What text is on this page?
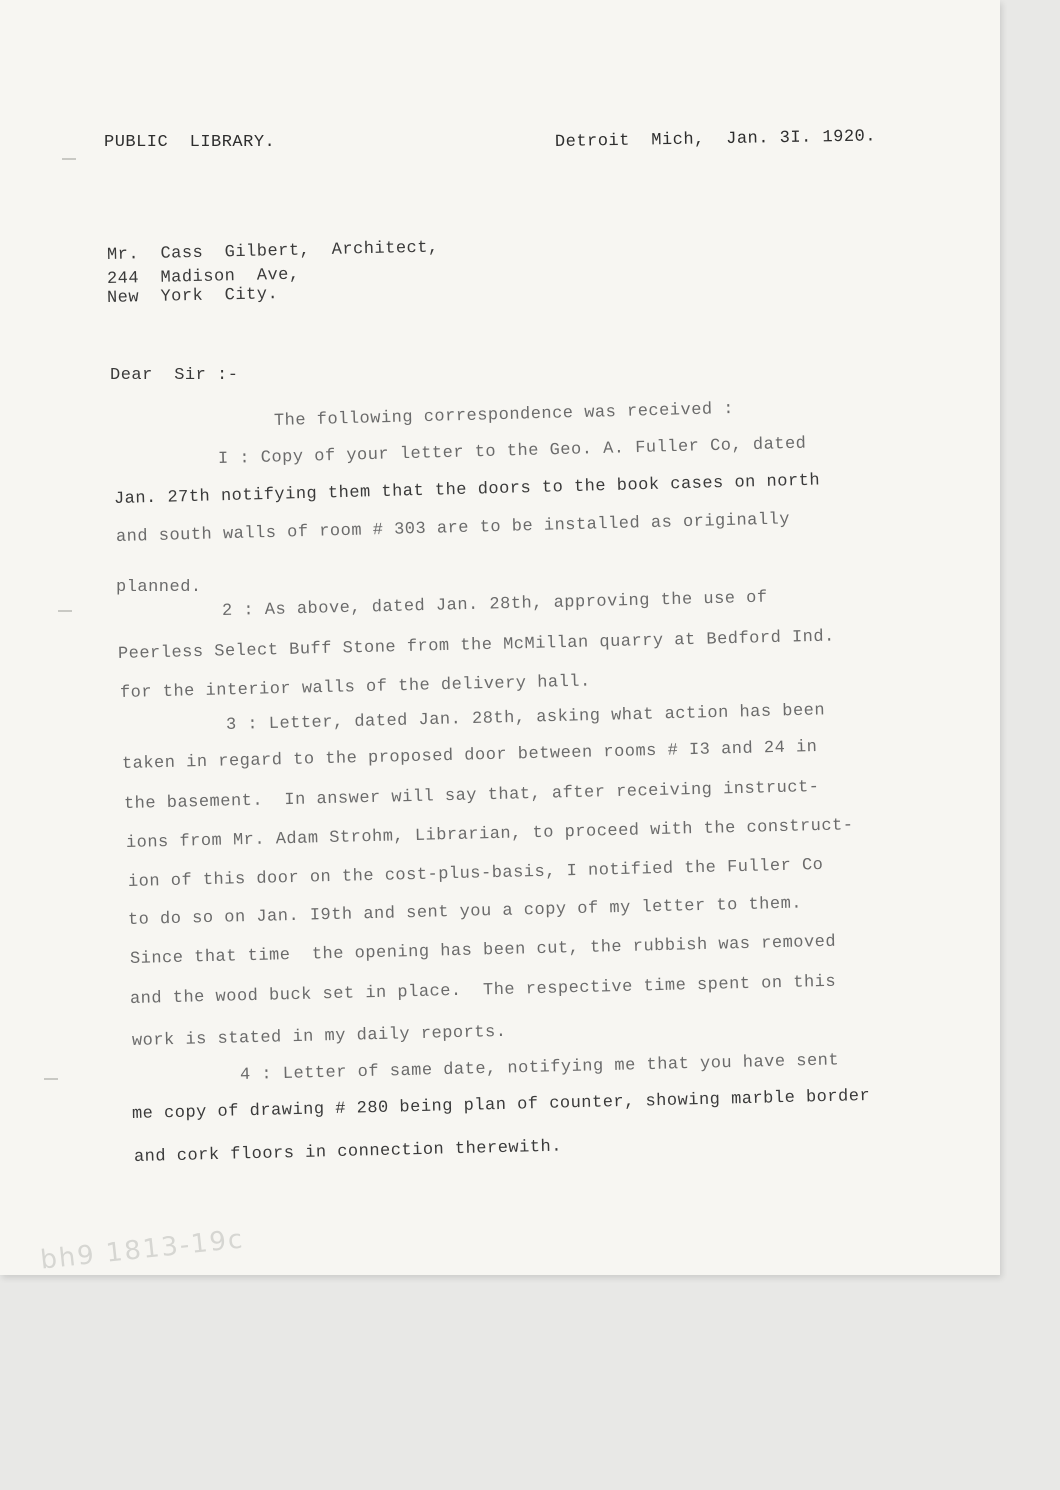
PUBLIC  LIBRARY.	Detroit  Mich,  Jan. 3I. 1920.
Mr.  Cass  Gilbert,  Architect,
244  Madison  Ave,
New  York  City.
Dear  Sir :-
The following correspondence was received :
I : Copy of your letter to the Geo. A. Fuller Co, dated
Jan. 27th notifying them that the doors to the book cases on north
and south walls of room # 303 are to be installed as originally
planned.
2 : As above, dated Jan. 28th, approving the use of
Peerless Select Buff Stone from the McMillan quarry at Bedford Ind.
for the interior walls of the delivery hall.
3 : Letter, dated Jan. 28th, asking what action has been
taken in regard to the proposed door between rooms # I3 and 24 in
the basement.  In answer will say that, after receiving instruct-
ions from Mr. Adam Strohm, Librarian, to proceed with the construct-
ion of this door on the cost-plus-basis, I notified the Fuller Co
to do so on Jan. I9th and sent you a copy of my letter to them.
Since that time  the opening has been cut, the rubbish was removed
and the wood buck set in place.  The respective time spent on this
work is stated in my daily reports.
4 : Letter of same date, notifying me that you have sent
me copy of drawing # 280 being plan of counter, showing marble border
and cork floors in connection therewith.
bh9 1813-19c
